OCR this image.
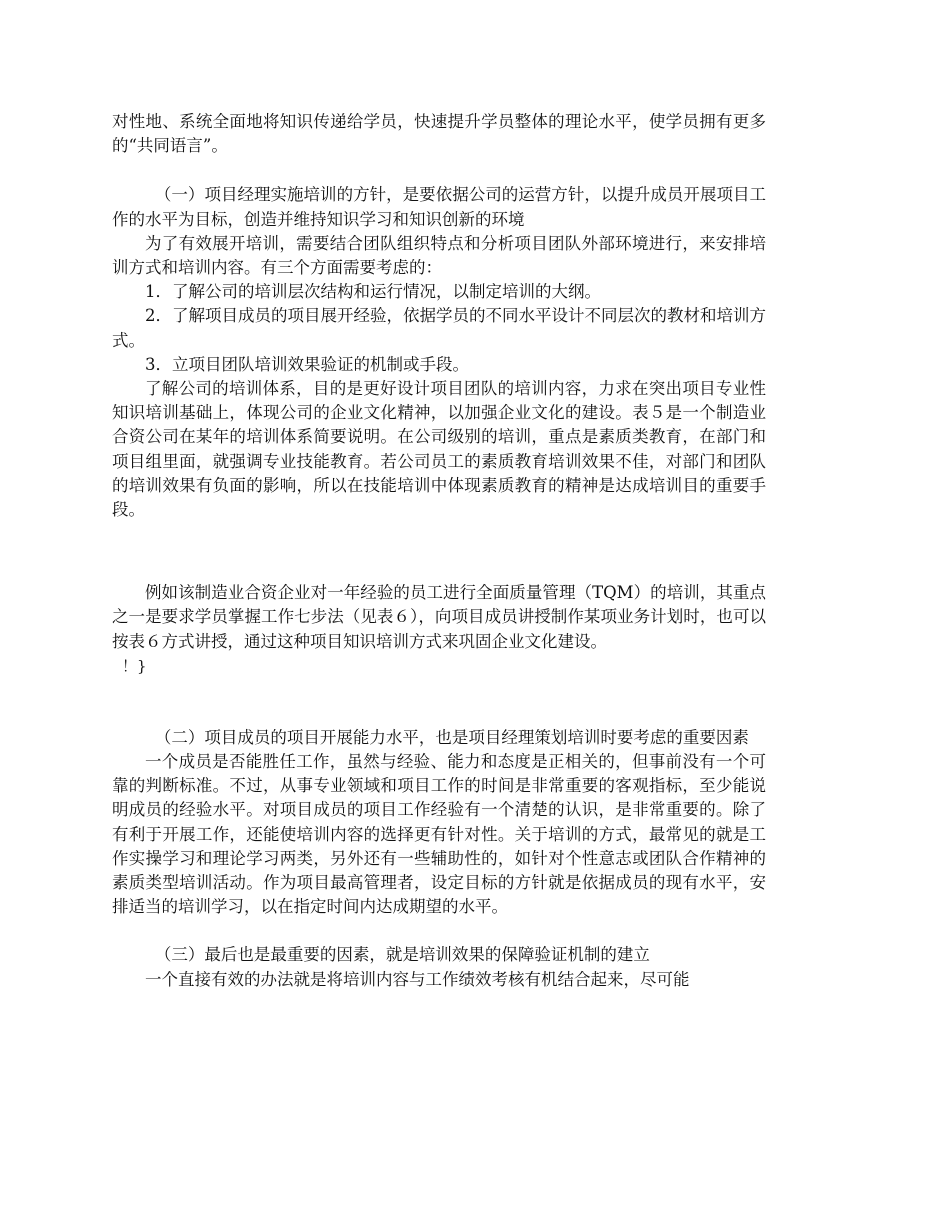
对性地、系统全面地将知识传递给学员，快速提升学员整体的理论水平，使学员拥有更多的“共同语言”。

（一）项目经理实施培训的方针，是要依据公司的运营方针，以提升成员开展项目工作的水平为目标，创造并维持知识学习和知识创新的环境

为了有效展开培训，需要结合团队组织特点和分析项目团队外部环境进行，来安排培训方式和培训内容。有三个方面需要考虑的：

1．了解公司的培训层次结构和运行情况，以制定培训的大纲。

2．了解项目成员的项目展开经验，依据学员的不同水平设计不同层次的教材和培训方式。

3．立项目团队培训效果验证的机制或手段。

了解公司的培训体系，目的是更好设计项目团队的培训内容，力求在突出项目专业性知识培训基础上，体现公司的企业文化精神，以加强企业文化的建设。表５是一个制造业合资公司在某年的培训体系简要说明。在公司级别的培训，重点是素质类教育，在部门和项目组里面，就强调专业技能教育。若公司员工的素质教育培训效果不佳，对部门和团队的培训效果有负面的影响，所以在技能培训中体现素质教育的精神是达成培训目的重要手段。

例如该制造业合资企业对一年经验的员工进行全面质量管理（TQM）的培训，其重点之一是要求学员掌握工作七步法（见表６），向项目成员讲授制作某项业务计划时，也可以按表６方式讲授，通过这种项目知识培训方式来巩固企业文化建设。

！}

（二）项目成员的项目开展能力水平，也是项目经理策划培训时要考虑的重要因素

一个成员是否能胜任工作，虽然与经验、能力和态度是正相关的，但事前没有一个可靠的判断标准。不过，从事专业领域和项目工作的时间是非常重要的客观指标，至少能说明成员的经验水平。对项目成员的项目工作经验有一个清楚的认识，是非常重要的。除了有利于开展工作，还能使培训内容的选择更有针对性。关于培训的方式，最常见的就是工作实操学习和理论学习两类，另外还有一些辅助性的，如针对个性意志或团队合作精神的素质类型培训活动。作为项目最高管理者，设定目标的方针就是依据成员的现有水平，安排适当的培训学习，以在指定时间内达成期望的水平。

（三）最后也是最重要的因素，就是培训效果的保障验证机制的建立

一个直接有效的办法就是将培训内容与工作绩效考核有机结合起来，尽可能
